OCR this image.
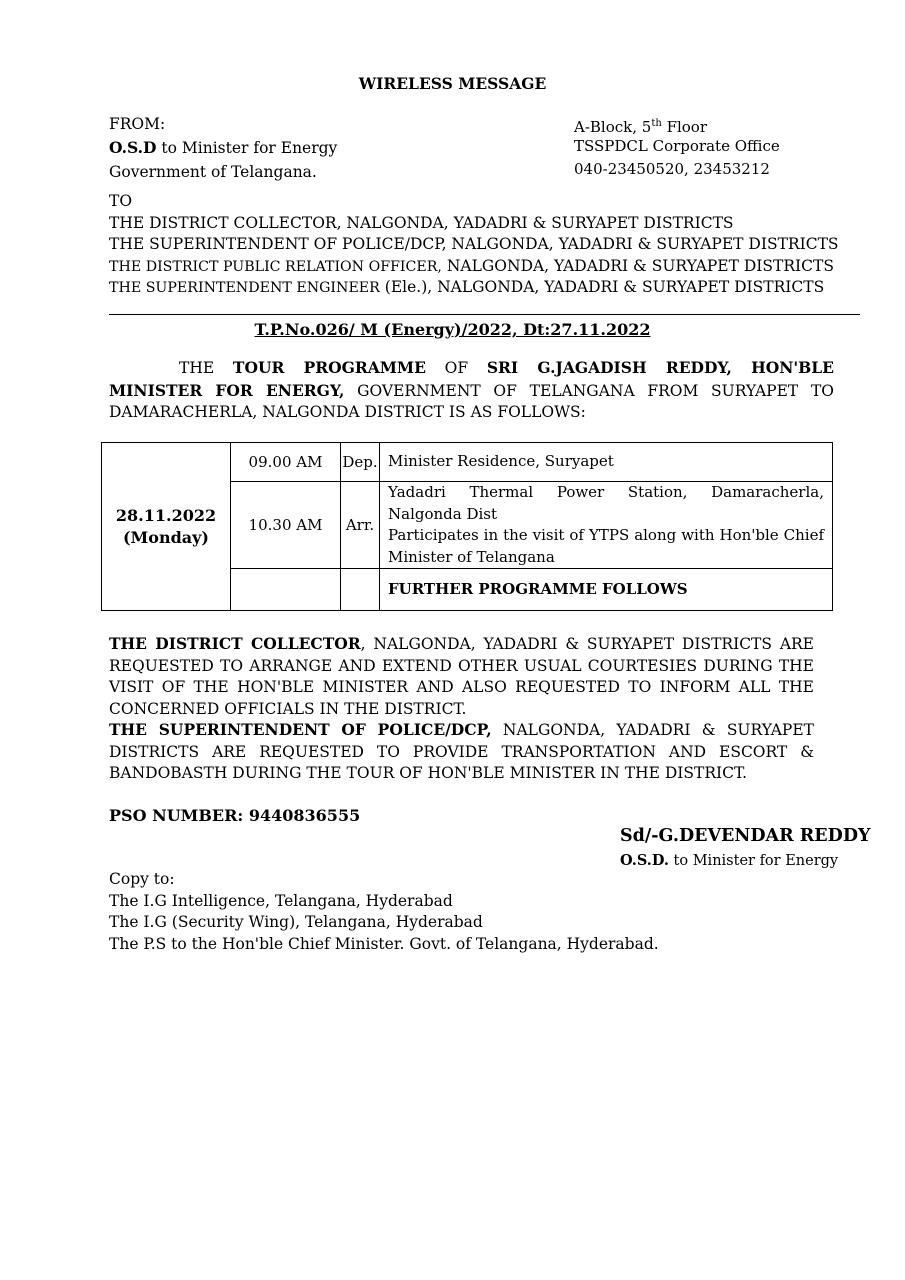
WIRELESS MESSAGE
FROM:
O.S.D to Minister for Energy
Government of Telangana.
A-Block, 5th Floor
TSSPDCL Corporate Office
040-23450520, 23453212
TO
THE DISTRICT COLLECTOR, NALGONDA, YADADRI & SURYAPET DISTRICTS
THE SUPERINTENDENT OF POLICE/DCP, NALGONDA, YADADRI & SURYAPET DISTRICTS
THE DISTRICT PUBLIC RELATION OFFICER, NALGONDA, YADADRI & SURYAPET DISTRICTS
THE SUPERINTENDENT ENGINEER (Ele.), NALGONDA, YADADRI & SURYAPET DISTRICTS
T.P.No.026/ M (Energy)/2022, Dt:27.11.2022
THE TOUR PROGRAMME OF SRI G.JAGADISH REDDY, HON'BLE MINISTER FOR ENERGY, GOVERNMENT OF TELANGANA FROM SURYAPET TO DAMARACHERLA, NALGONDA DISTRICT IS AS FOLLOWS:
28.11.2022
(Monday)	09.00 AM	Dep.	Minister Residence, Suryapet
	10.30 AM	Arr.	Yadadri Thermal Power Station, Damaracherla,
Nalgonda Dist
Participates in the visit of YTPS along with Hon'ble Chief Minister of Telangana

			FURTHER PROGRAMME FOLLOWS
THE DISTRICT COLLECTOR, NALGONDA, YADADRI & SURYAPET DISTRICTS ARE REQUESTED TO ARRANGE AND EXTEND OTHER USUAL COURTESIES DURING THE VISIT OF THE HON'BLE MINISTER AND ALSO REQUESTED TO INFORM ALL THE CONCERNED OFFICIALS IN THE DISTRICT.
THE SUPERINTENDENT OF POLICE/DCP, NALGONDA, YADADRI & SURYAPET DISTRICTS ARE REQUESTED TO PROVIDE TRANSPORTATION AND ESCORT & BANDOBASTH DURING THE TOUR OF HON'BLE MINISTER IN THE DISTRICT.
PSO NUMBER: 9440836555
Sd/-G.DEVENDAR REDDY
O.S.D. to Minister for Energy
Copy to:
The I.G Intelligence, Telangana, Hyderabad
The I.G (Security Wing), Telangana, Hyderabad
The P.S to the Hon'ble Chief Minister. Govt. of Telangana, Hyderabad.
